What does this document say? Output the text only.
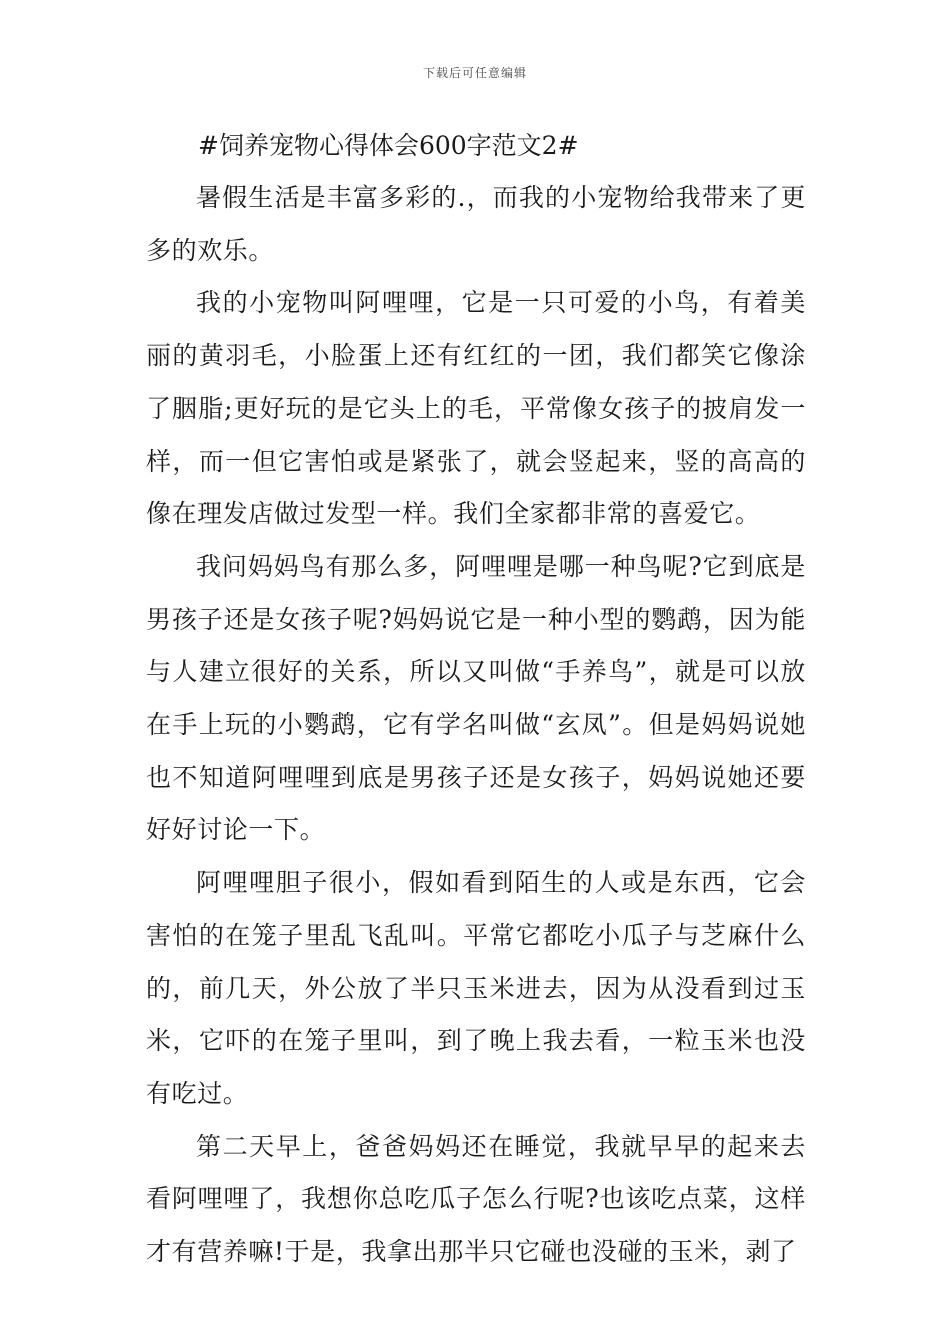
下载后可任意编辑
#饲养宠物心得体会600字范文2#

暑假生活是丰富多彩的.，而我的小宠物给我带来了更多的欢乐。

我的小宠物叫阿哩哩，它是一只可爱的小鸟，有着美丽的黄羽毛，小脸蛋上还有红红的一团，我们都笑它像涂了胭脂;更好玩的是它头上的毛，平常像女孩子的披肩发一样，而一但它害怕或是紧张了，就会竖起来，竖的高高的像在理发店做过发型一样。我们全家都非常的喜爱它。

我问妈妈鸟有那么多，阿哩哩是哪一种鸟呢?它到底是男孩子还是女孩子呢?妈妈说它是一种小型的鹦鹉，因为能与人建立很好的关系，所以又叫做“手养鸟”，就是可以放在手上玩的小鹦鹉，它有学名叫做“玄凤”。但是妈妈说她也不知道阿哩哩到底是男孩子还是女孩子，妈妈说她还要好好讨论一下。

阿哩哩胆子很小，假如看到陌生的人或是东西，它会害怕的在笼子里乱飞乱叫。平常它都吃小瓜子与芝麻什么的，前几天，外公放了半只玉米进去，因为从没看到过玉米，它吓的在笼子里叫，到了晚上我去看，一粒玉米也没有吃过。

第二天早上，爸爸妈妈还在睡觉，我就早早的起来去看阿哩哩了，我想你总吃瓜子怎么行呢?也该吃点菜，这样才有营养嘛!于是，我拿出那半只它碰也没碰的玉米，剥了
